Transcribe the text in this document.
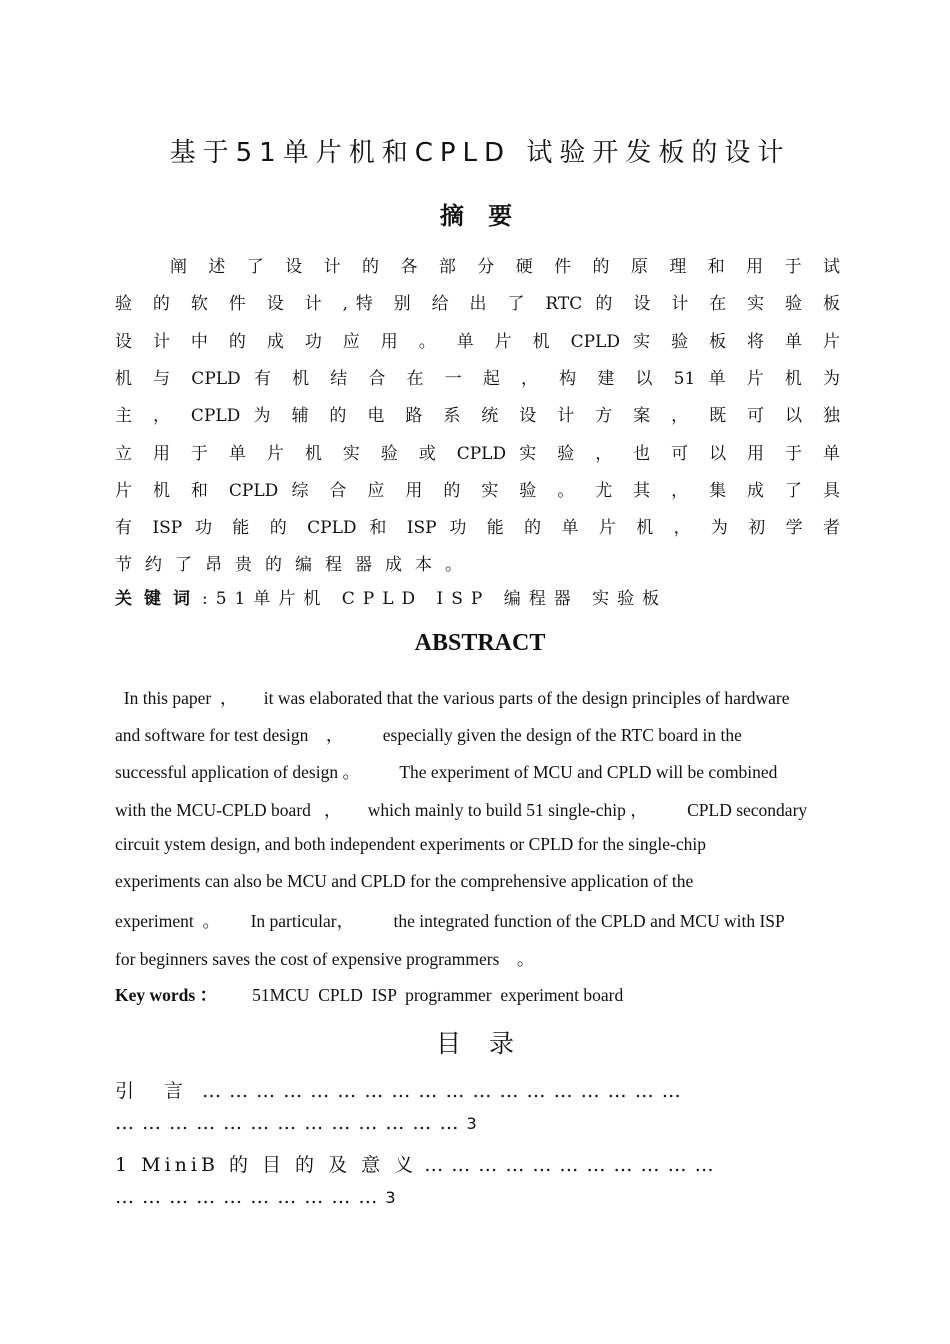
基于51单片机和CPLD 试验开发板的设计
摘 要
阐 述 了 设 计 的 各 部 分 硬 件 的 原 理 和 用 于 试
验 的 软 件 设 计 ,特 别 给 出 了 RTC 的 设 计 在 实 验 板
设 计 中 的 成 功 应 用 。 单 片 机 CPLD 实 验 板 将 单 片
机 与 CPLD 有 机 结 合 在 一 起 ， 构 建 以 51 单 片 机 为
主 ， CPLD 为 辅 的 电 路 系 统 设 计 方 案 ， 既 可 以 独
立 用 于 单 片 机 实 验 或 CPLD 实 验 ， 也 可 以 用 于 单
片 机 和 CPLD 综 合 应 用 的 实 验 。 尤 其 ， 集 成 了 具
有 ISP 功 能 的 CPLD 和 ISP 功 能 的 单 片 机 ， 为 初 学 者
节约了昂贵的编程器成本。
关键词:51单片机 CPLD ISP 编程器 实验板
ABSTRACT
In this paper  ，      it was elaborated that the various parts of the design principles of hardware
and software for test design    ，         especially given the design of the RTC board in the
successful application of design 。         The experiment of MCU and CPLD will be combined
with the MCU-CPLD board   ，      which mainly to build 51 single-chip ，         CPLD secondary
circuit ystem design, and both independent experiments or CPLD for the single-chip
experiments can also be MCU and CPLD for the comprehensive application of the
experiment  。       In particular，         the integrated function of the CPLD and MCU with ISP
for beginners saves the cost of expensive programmers    。
Key words ：        51MCU  CPLD  ISP  programmer  experiment board
目 录
引 言 … … … … … … … … … … … … … … … … … …
… … … … … … … … … … … … … 3
1 MiniB 的 目 的 及 意 义 … … … … … … … … … … …
… … … … … … … … … … 3
